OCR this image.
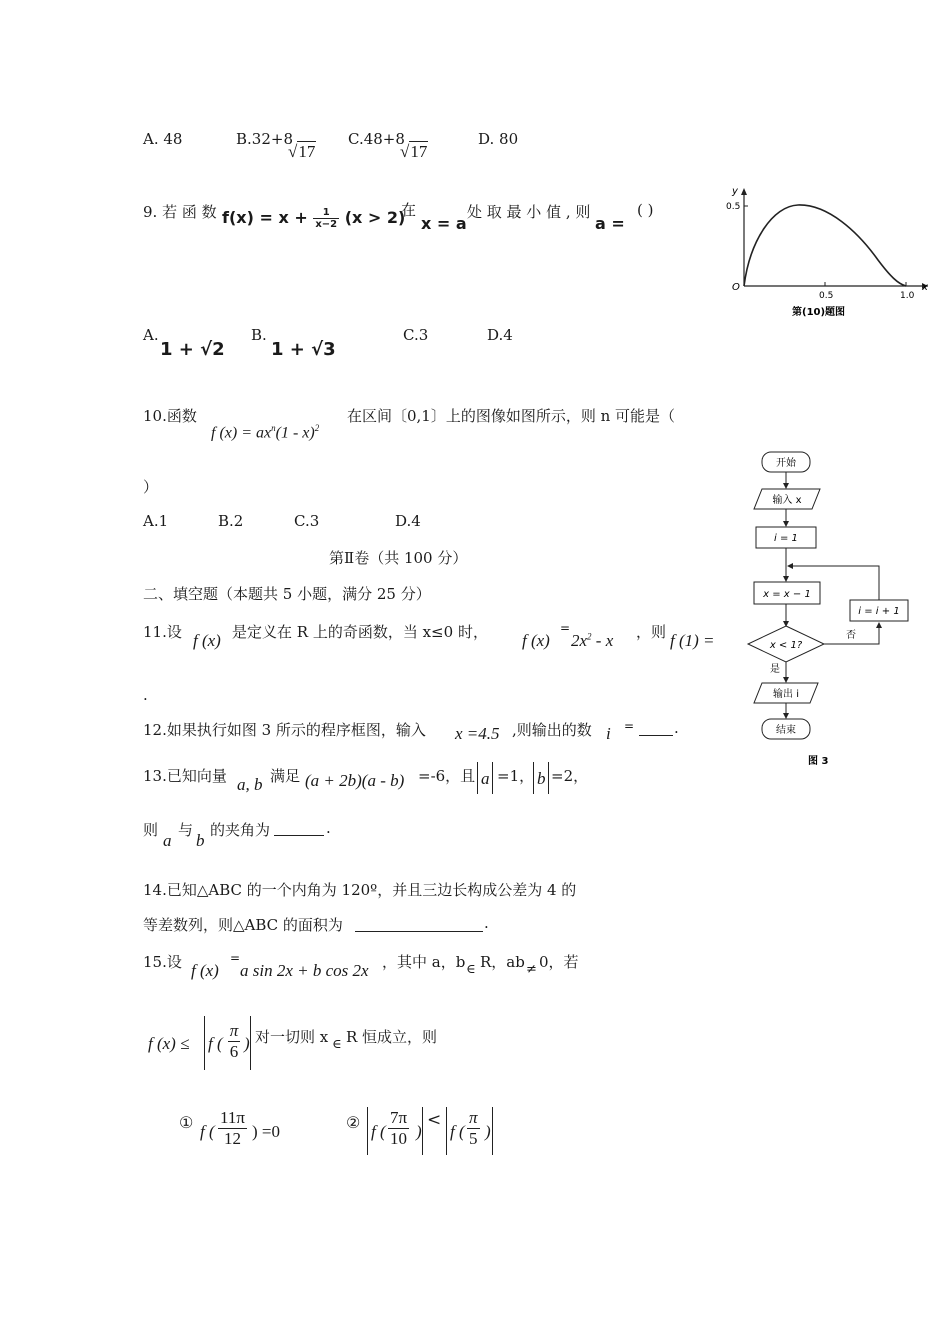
A. 48	B.32+8
√17
C.48+8
√17
D. 80
9. 若 函 数 $f(x) = x + \frac{1}{x-2} (x > 2)$
在
x = a
处 取 最 小 值 , 则
a =
( )
A.
1 + √2
B.
1 + √3
C.3	D.4
10.函数
f $(x) = ax^n(1 - x)^2$
在区间〔0,1〕上的图像如图所示，则 n 可能是（
）
A.1	B.2	C.3	D.4
第Ⅱ卷（共 100 分）
二、填空题（本题共 5 小题，满分 25 分）
11.设 f (x) 是定义在 R 上的奇函数，当 x≤0 时， f (x)
=
$2x^2$ - x ，则 f (1) =
.
12.如果执行如图 3 所示的程序框图，输入 x =4.5 ,则输出的数 i =	.
13.已知向量 a, b 满足 (a + 2b)(a - b) =-6，且 a =1， b =2，
则
a
与
b
的夹角为	.
14.已知△ABC 的一个内角为 120º，并且三边长构成公差为 4 的
等差数列，则△ABC 的面积为	.
15.设 f (x)
=
a sin 2x + b cos 2x ，其中 a，b ∈ R，ab ≠ 0，若
f (x) ≤ f ( $\frac{\pi}{6}$ ) 对一切则 x ∈ R 恒成立，则
① f ( $\frac{11\pi}{12}$ ) =0	② f ( $\frac{7\pi}{10}$ )
<
f ( $\frac{\pi}{5}$ )
y
x
O
0.5
0.5	1.0
第(10)题图
开始
输入 x
i = 1
x = x − 1
x < 1?
否
i = i + 1
是
输出 i
结束
图 3
